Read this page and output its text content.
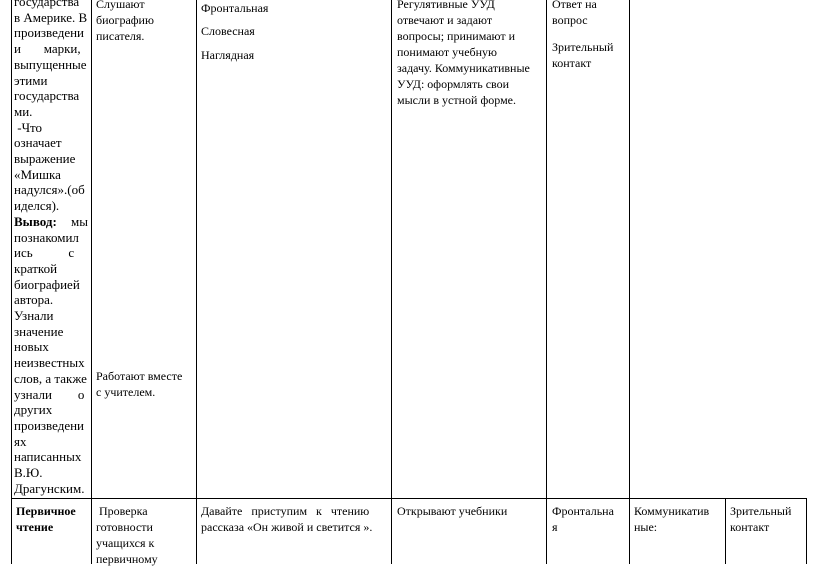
государства
в Америке. В
произведени
и       марки,
выпущенные
этими
государства
ми.
-Что
означает
выражение
«Мишка
надулся».(об
иделся).
Вывод: мы
познакомил
ись           с
краткой
биографией
автора.
Узнали
значение
новых
неизвестных
слов, а также
узнали        о
других
произведени
ях
написанных
В.Ю.
Драгунским.
Слушают
биографию
писателя.
Работают вместе
с учителем.
Фронтальная
Словесная
Наглядная
Регулятивные УУД
отвечают и задают
вопросы; принимают и
понимают учебную
задачу. Коммуникативные
УУД: оформлять свои
мысли в устной форме.
Ответ на
вопрос
Зрительный
контакт
Первичное
чтение
Проверка
готовности
учащихся к
первичному
Давайте   приступим   к   чтению
рассказа «Он живой и светится ».
Открывают учебники	Фронтальна
я
Коммуникатив
ные:
Зрительный
контакт
